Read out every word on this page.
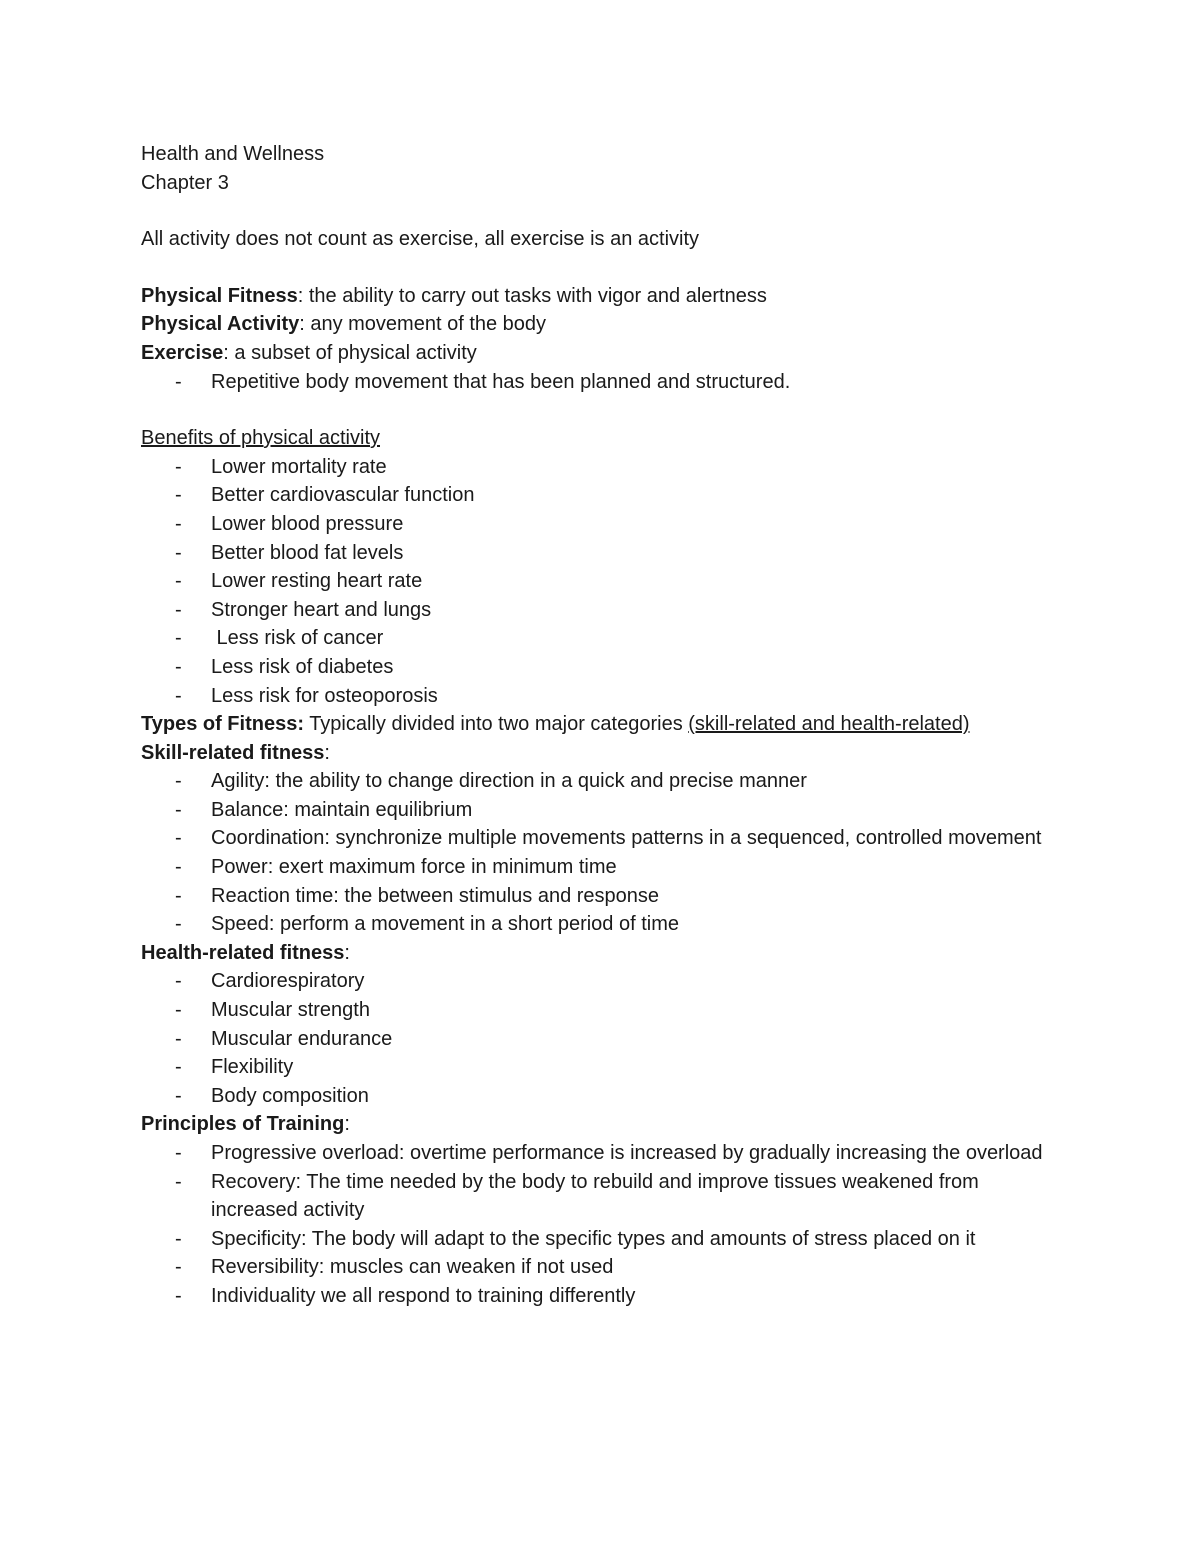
Health and Wellness
Chapter 3
All activity does not count as exercise, all exercise is an activity
Physical Fitness: the ability to carry out tasks with vigor and alertness
Physical Activity: any movement of the body
Exercise: a subset of physical activity
- Repetitive body movement that has been planned and structured.
Benefits of physical activity
- Lower mortality rate
- Better cardiovascular function
- Lower blood pressure
- Better blood fat levels
- Lower resting heart rate
- Stronger heart and lungs
- Less risk of cancer
- Less risk of diabetes
- Less risk for osteoporosis
Types of Fitness: Typically divided into two major categories (skill-related and health-related)
Skill-related fitness:
- Agility: the ability to change direction in a quick and precise manner
- Balance: maintain equilibrium
- Coordination: synchronize multiple movements patterns in a sequenced, controlled movement
- Power: exert maximum force in minimum time
- Reaction time: the between stimulus and response
- Speed: perform a movement in a short period of time
Health-related fitness:
- Cardiorespiratory
- Muscular strength
- Muscular endurance
- Flexibility
- Body composition
Principles of Training:
- Progressive overload: overtime performance is increased by gradually increasing the overload
- Recovery: The time needed by the body to rebuild and improve tissues weakened from increased activity
- Specificity: The body will adapt to the specific types and amounts of stress placed on it
- Reversibility: muscles can weaken if not used
- Individuality we all respond to training differently
